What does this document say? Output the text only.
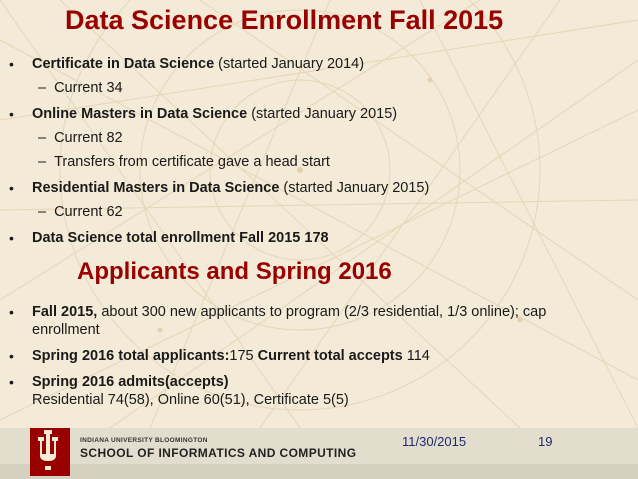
Data Science Enrollment Fall 2015
• Certificate in Data Science (started January 2014)
– Current 34
• Online Masters in Data Science (started January 2015)
– Current 82
– Transfers from certificate gave a head start
• Residential Masters in Data Science (started January 2015)
– Current 62
• Data Science total enrollment Fall 2015 178
Applicants and Spring 2016
• Fall 2015, about 300 new applicants to program (2/3 residential, 1/3 online); cap enrollment
• Spring 2016 total applicants:175 Current total accepts 114
• Spring 2016 admits(accepts)
Residential 74(58), Online 60(51), Certificate 5(5)
INDIANA UNIVERSITY BLOOMINGTON
SCHOOL OF INFORMATICS AND COMPUTING
11/30/2015	19
